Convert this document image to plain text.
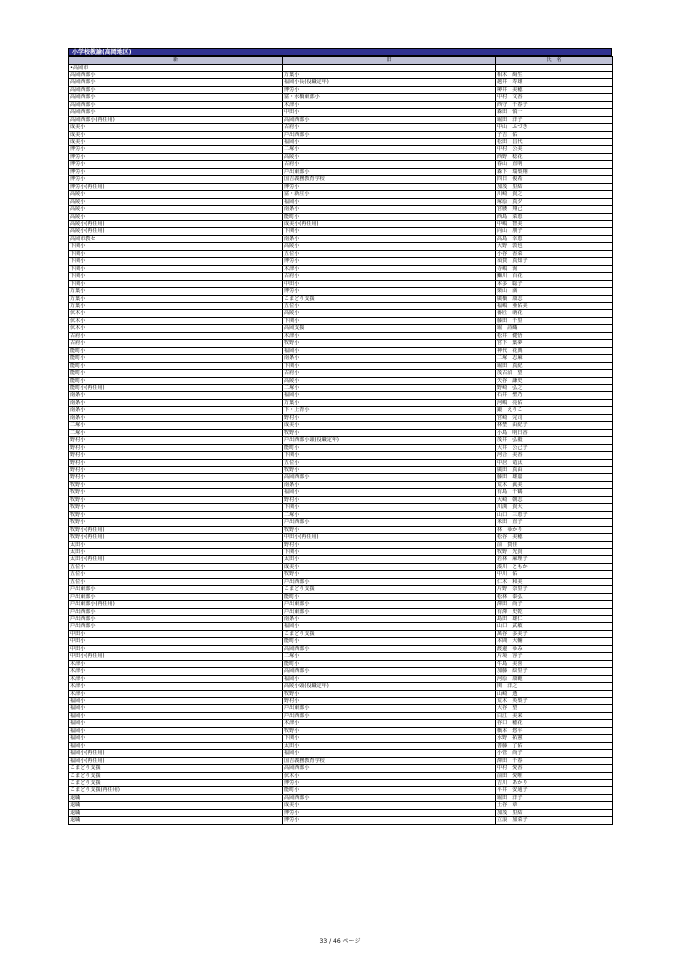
小学校教諭(高岡地区)
新	旧	氏　名
•高岡市		
高岡西部小	万葉小	相木　絢生
高岡西部小	福岡小長(役職定年)	越井　寿雄
高岡西部小	博労小	堺井　美穂
高岡西部小	富・水橋東部小	中村　文香
高岡西部小	木津小	西守　千春子
高岡西部小	中田小	森田　慎一
高岡西部小(再任用)	高岡西部小	堀田　洋子
成美小	古府小	中山　ふづき
成美小	戸出西部小	子吉　佑
成美小	福岡小	松田　昌代
博労小	二塚小	中村　公美
博労小	高陵小	西野　稔花
博労小	古府小	春山　直明
博労小	戸出東部小	森下　瑞梨翔
博労小	国吉義務教育学校	四日　俊希
博労小(再任用)	博労小	加茂　里結
高陵小	富・新庄小	川崎　貴之
高陵小	福岡小	塚原　真夕
高陵小	南条小	宮腰　翔己
高陵小	能町小	西島　菜恵
高陵小(再任用)	成美小(再任用)	中嶋　智美
高陵小(再任用)	下関小	向山　朋子
高岡市教セ	南条小	高島　幸恵
下関小	高陵小	大野　敦也
下関小	五位小	小谷　香菜
下関小	博労小	須賀　真知子
下関小	木津小	寺嶋　洵
下関小	古府小	鰤川　百花
下関小	中田小	本多　聡子
万葉小	博労小	栗山　満
万葉小	こまどり支援	廣橋　康志
万葉小	五位小	福嶋　亜佑美
伏木小	高陵小	番匠　萌花
伏木小	下関小	藤田　千里
伏木小	高岡支援	堀　詩織
古府小	木津小	松井　健悟
古府小	牧野小	宮下　葉夢
能町小	福岡小	神代　花典
能町小	南条小	二塚　志麻
能町小	下関小	堀田　真紀
能町小	古府小	茂古沼　望
能町小	高陵小	矢谷　謙史
能町小(再任用)	二塚小	野崎　弘之
南条小	福岡小	石井　聖乃
南条小	万葉小	河嶋　亮佑
南条小	下・上青小	鍛　えりこ
南条小	野村小	宮崎　完司
二塚小	成美小	林埜　由紀子
二塚小	牧野小	小島　明日香
野村小	戸出西部小頭(役職定年)	茂井　弘毅
野村小	能町小	大井　公己子
野村小	下関小	河合　美香
野村小	五位小	中居　竜汰
野村小	牧野小	廣田　真由
野村小	高岡西部小	藤田　雄嘉
牧野小	南条小	荒木　眞美
牧野小	福岡小	有島　千鶴
牧野小	野村小	大崎　朝志
牧野小	下関小	川渕　貴大
牧野小	二塚小	山口　三恵子
牧野小	戸出西部小	米田　直子
牧野小(再任用)	牧野小	林　ゆかり
牧野小(再任用)	中田小(再任用)	松谷　美穂
太田小	野村小	前　賀佳
太田小	下関小	牧野　光貴
太田小(再任用)	太田小	若林　麻理子
五位小	成美小	湊川　ともか
五位小	牧野小	中川　佑
五位小	戸出西部小	仁木　和美
戸出東部小	こまどり支援	片野　奈里子
戸出東部小	能町小	松林　泰弘
戸出東部小(再任用)	戸出東部小	澤田　尚子
戸出西部小	戸出東部小	有澤　史乾
戸出西部小	南条小	島田　雄仁
戸出西部小	福岡小	山口　武敏
中田小	こまどり支援	萬谷　多美子
中田小	能町小	本間　大輔
中田小	高岡西部小	渡邊　ゆみ
中田小(再任用)	二塚小	片境　容子
木津小	能町小	牛島　美喜
木津小	高岡西部小	加藤　絵里子
木津小	福岡小	河原　康範
木津小	高陵小頭(役職定年)	関　洋之
木津小	牧野小	山崎　透
福岡小	野村小	荒木　英梨子
福岡小	戸出東部小	大谷　望
福岡小	戸出西部小	白江　美来
福岡小	木津小	谷口　穂花
福岡小	牧野小	橋本　悠平
福岡小	下関小	水野　拓憲
福岡小	太田小	善藤　了佑
福岡小(再任用)	福岡小	小菅　尚子
福岡小(再任用)	国吉義務教育学校	澤田　千春
こまどり支援	高岡西部小	中村　愛香
こまどり支援	伏木小	前田　愛唯
こまどり支援	博労小	吉川　あかり
こまどり支援(再任用)	能町小	平井　安通子
退職	高岡西部小	堀田　洋子
退職	成美小	土谷　章
退職	博労小	加茂　里結
退職	博労小	立浪　加菜子
33 / 46 ページ
